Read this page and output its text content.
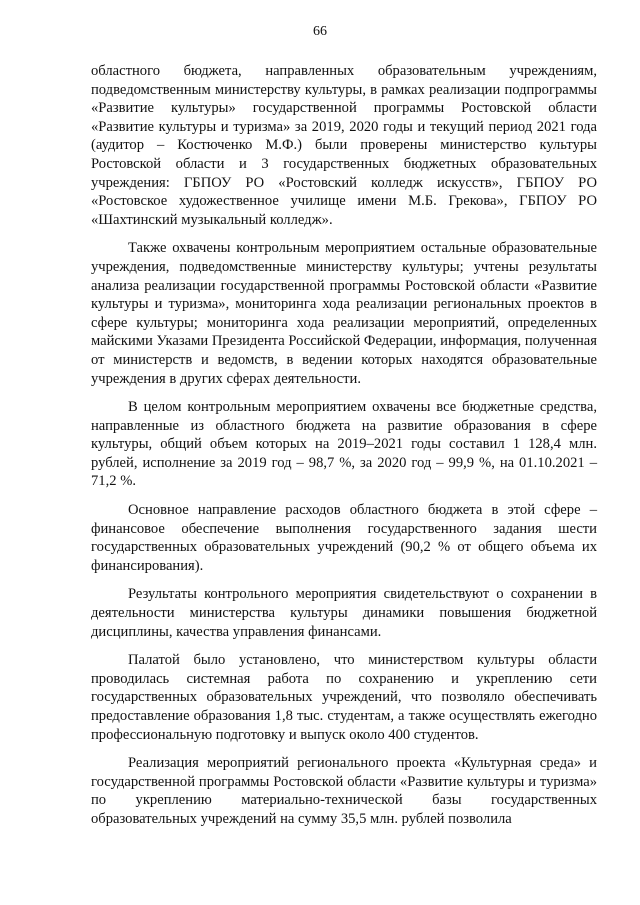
66

областного бюджета, направленных образовательным учреждениям, подведомственным министерству культуры, в рамках реализации подпрограммы «Развитие культуры» государственной программы Ростовской области «Развитие культуры и туризма» за 2019, 2020 годы и текущий период 2021 года (аудитор – Костюченко М.Ф.) были проверены министерство культуры Ростовской области и 3 государственных бюджетных образовательных учреждения: ГБПОУ РО «Ростовский колледж искусств», ГБПОУ РО «Ростовское художественное училище имени М.Б. Грекова», ГБПОУ РО «Шахтинский музыкальный колледж».

Также охвачены контрольным мероприятием остальные образовательные учреждения, подведомственные министерству культуры; учтены результаты анализа реализации государственной программы Ростовской области «Развитие культуры и туризма», мониторинга хода реализации региональных проектов в сфере культуры; мониторинга хода реализации мероприятий, определенных майскими Указами Президента Российской Федерации, информация, полученная от министерств и ведомств, в ведении которых находятся образовательные учреждения в других сферах деятельности.

В целом контрольным мероприятием охвачены все бюджетные средства, направленные из областного бюджета на развитие образования в сфере культуры, общий объем которых на 2019–2021 годы составил 1 128,4 млн. рублей, исполнение за 2019 год – 98,7 %, за 2020 год – 99,9 %, на 01.10.2021 – 71,2 %.

Основное направление расходов областного бюджета в этой сфере – финансовое обеспечение выполнения государственного задания шести государственных образовательных учреждений (90,2 % от общего объема их финансирования).

Результаты контрольного мероприятия свидетельствуют о сохранении в деятельности министерства культуры динамики повышения бюджетной дисциплины, качества управления финансами.

Палатой было установлено, что министерством культуры области проводилась системная работа по сохранению и укреплению сети государственных образовательных учреждений, что позволяло обеспечивать предоставление образования 1,8 тыс. студентам, а также осуществлять ежегодно профессиональную подготовку и выпуск около 400 студентов.

Реализация мероприятий регионального проекта «Культурная среда» и государственной программы Ростовской области «Развитие культуры и туризма» по укреплению материально-технической базы государственных образовательных учреждений на сумму 35,5 млн. рублей позволила
